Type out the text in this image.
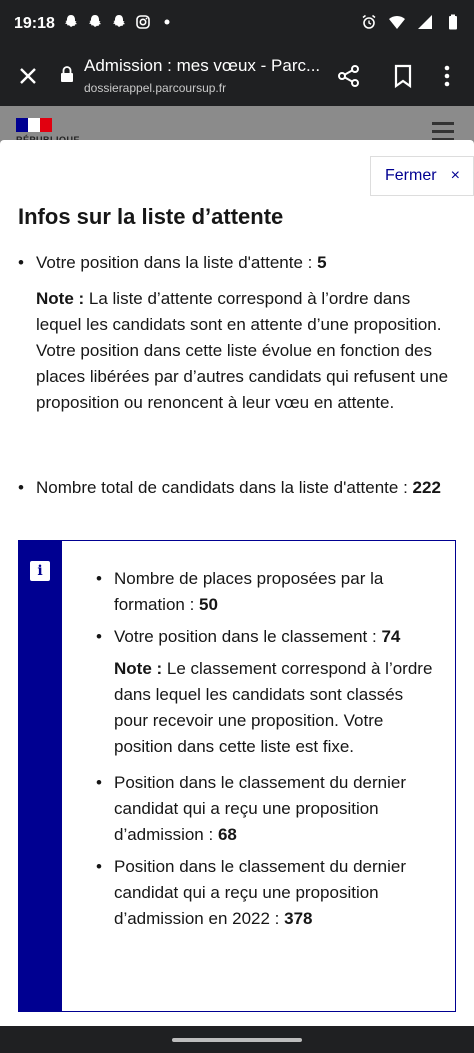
19:18
Admission : mes vœux - Parc...
dossierappel.parcoursup.fr
Fermer ×
Infos sur la liste d’attente
• Votre position dans la liste d'attente : 5
Note : La liste d’attente correspond à l’ordre dans lequel les candidats sont en attente d’une proposition. Votre position dans cette liste évolue en fonction des places libérées par d’autres candidats qui refusent une proposition ou renoncent à leur vœu en attente.
• Nombre total de candidats dans la liste d'attente : 222
i
•	Nombre de places proposées par la formation : 50
• Votre position dans le classement : 74
Note : Le classement correspond à l’ordre dans lequel les candidats sont classés pour recevoir une proposition. Votre position dans cette liste est fixe.
• Position dans le classement du dernier candidat qui a reçu une proposition d’admission : 68
• Position dans le classement du dernier candidat qui a reçu une proposition d’admission en 2022 : 378
